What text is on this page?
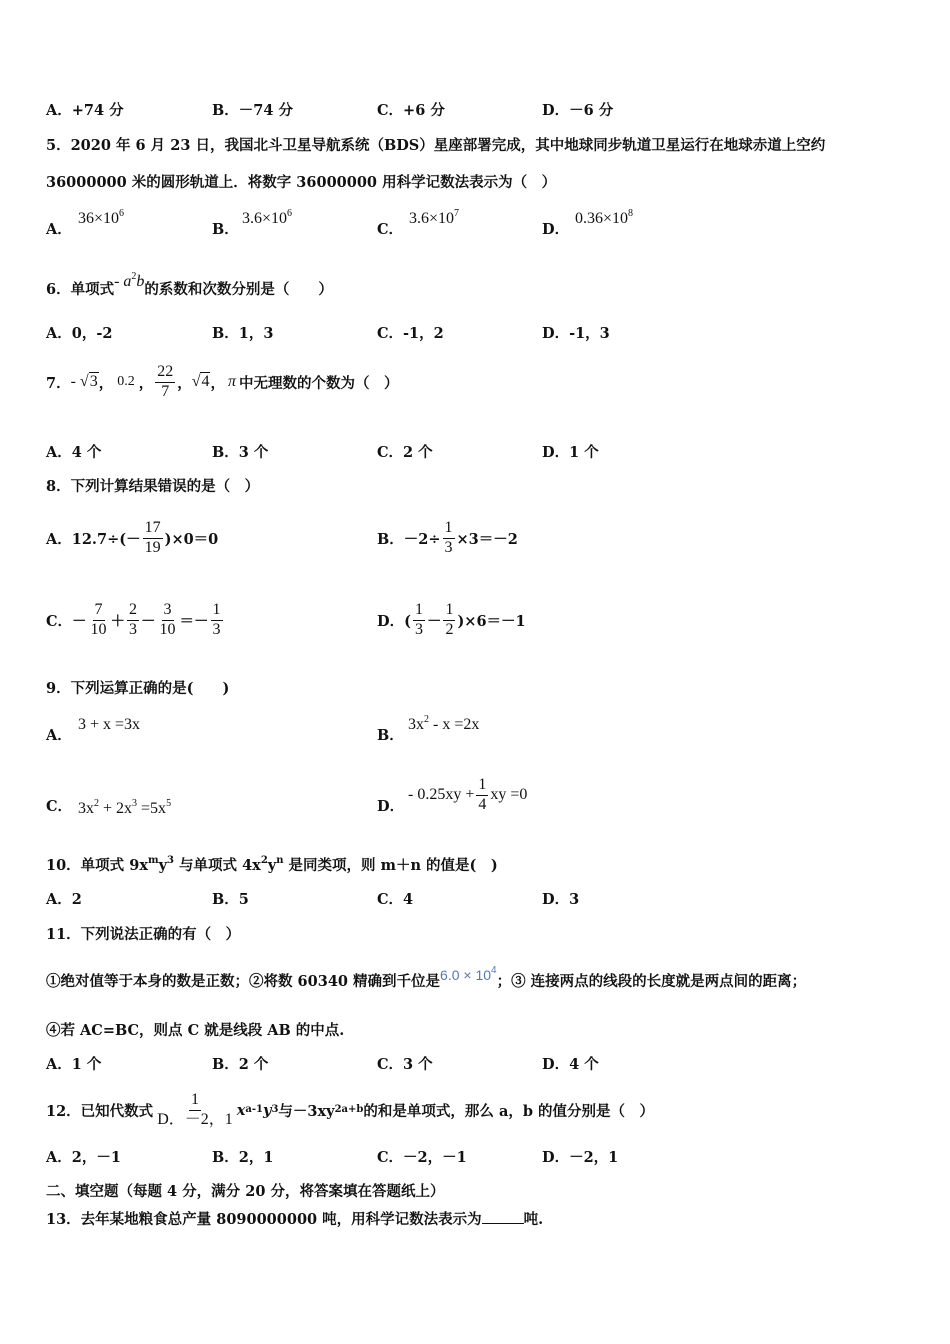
A．+74 分	B．－74 分	C．+6 分	D．－6 分
5．2020 年 6 月 23 日，我国北斗卫星导航系统（BDS）星座部署完成，其中地球同步轨道卫星运行在地球赤道上空约
36000000 米的圆形轨道上．将数字 36000000 用科学记数法表示为（　）
A．
$36\times 10^6$
B．
$3.6\times 10^6$
C．
$3.6\times 10^7$
D．
$0.36\times 10^8$
6．单项式- $a^2b$的系数和次数分别是（　　）
A．0，-2	B．1，3	C．-1，2	D．-1，3
7． - √3 ， 0.2 ， $\frac{22}{7}$ ， √4 ， π 中无理数的个数为（　）
A．4 个	B．3 个	C．2 个	D．1 个
8．下列计算结果错误的是（　）
A．$12.7\div(- \frac{17}{19} )\times 0=0$	B．$-2\div \frac{1}{3} \times 3=-2$
C． － $\frac{7}{10} + \frac{2}{3} - \frac{3}{10} =- \frac{1}{3}$	D．( $\frac{1}{3} - \frac{1}{2} )\times 6=-1$
9．下列运算正确的是(　　)
A．
3 + x =3x
B．
$3x^2 - x =2x$
C． $3x^2 + 2x^3 =5x^5$	D．
- $0.25xy + \frac{1}{4}$ xy =0
10．单项式 $9x^my^3$ 与单项式 $4x^2y^n$ 是同类项，则 m＋n 的值是(　)
A．2	B．5	C．4	D．3
11．下列说法正确的有（　）
①绝对值等于本身的数是正数；②将数 60340 精确到千位是$6.0 \times 10^4$；③ 连接两点的线段的长度就是两点间的距离；
④若 AC=BC，则点 C 就是线段 AB 的中点.
A．1 个	B．2 个	C．3 个	D．4 个
12．已知代数式 $\frac{1}{D.-2,1}$ x a-1 y 3 与－3xy 2a+b 的和是单项式，那么 a，b 的值分别是（　）
A．2，－1	B．2，1	C．－2，－1	D．－2，1
二、填空题（每题 4 分，满分 20 分，将答案填在答题纸上）
13．去年某地粮食总产量 8090000000 吨，用科学记数法表示为	吨.
